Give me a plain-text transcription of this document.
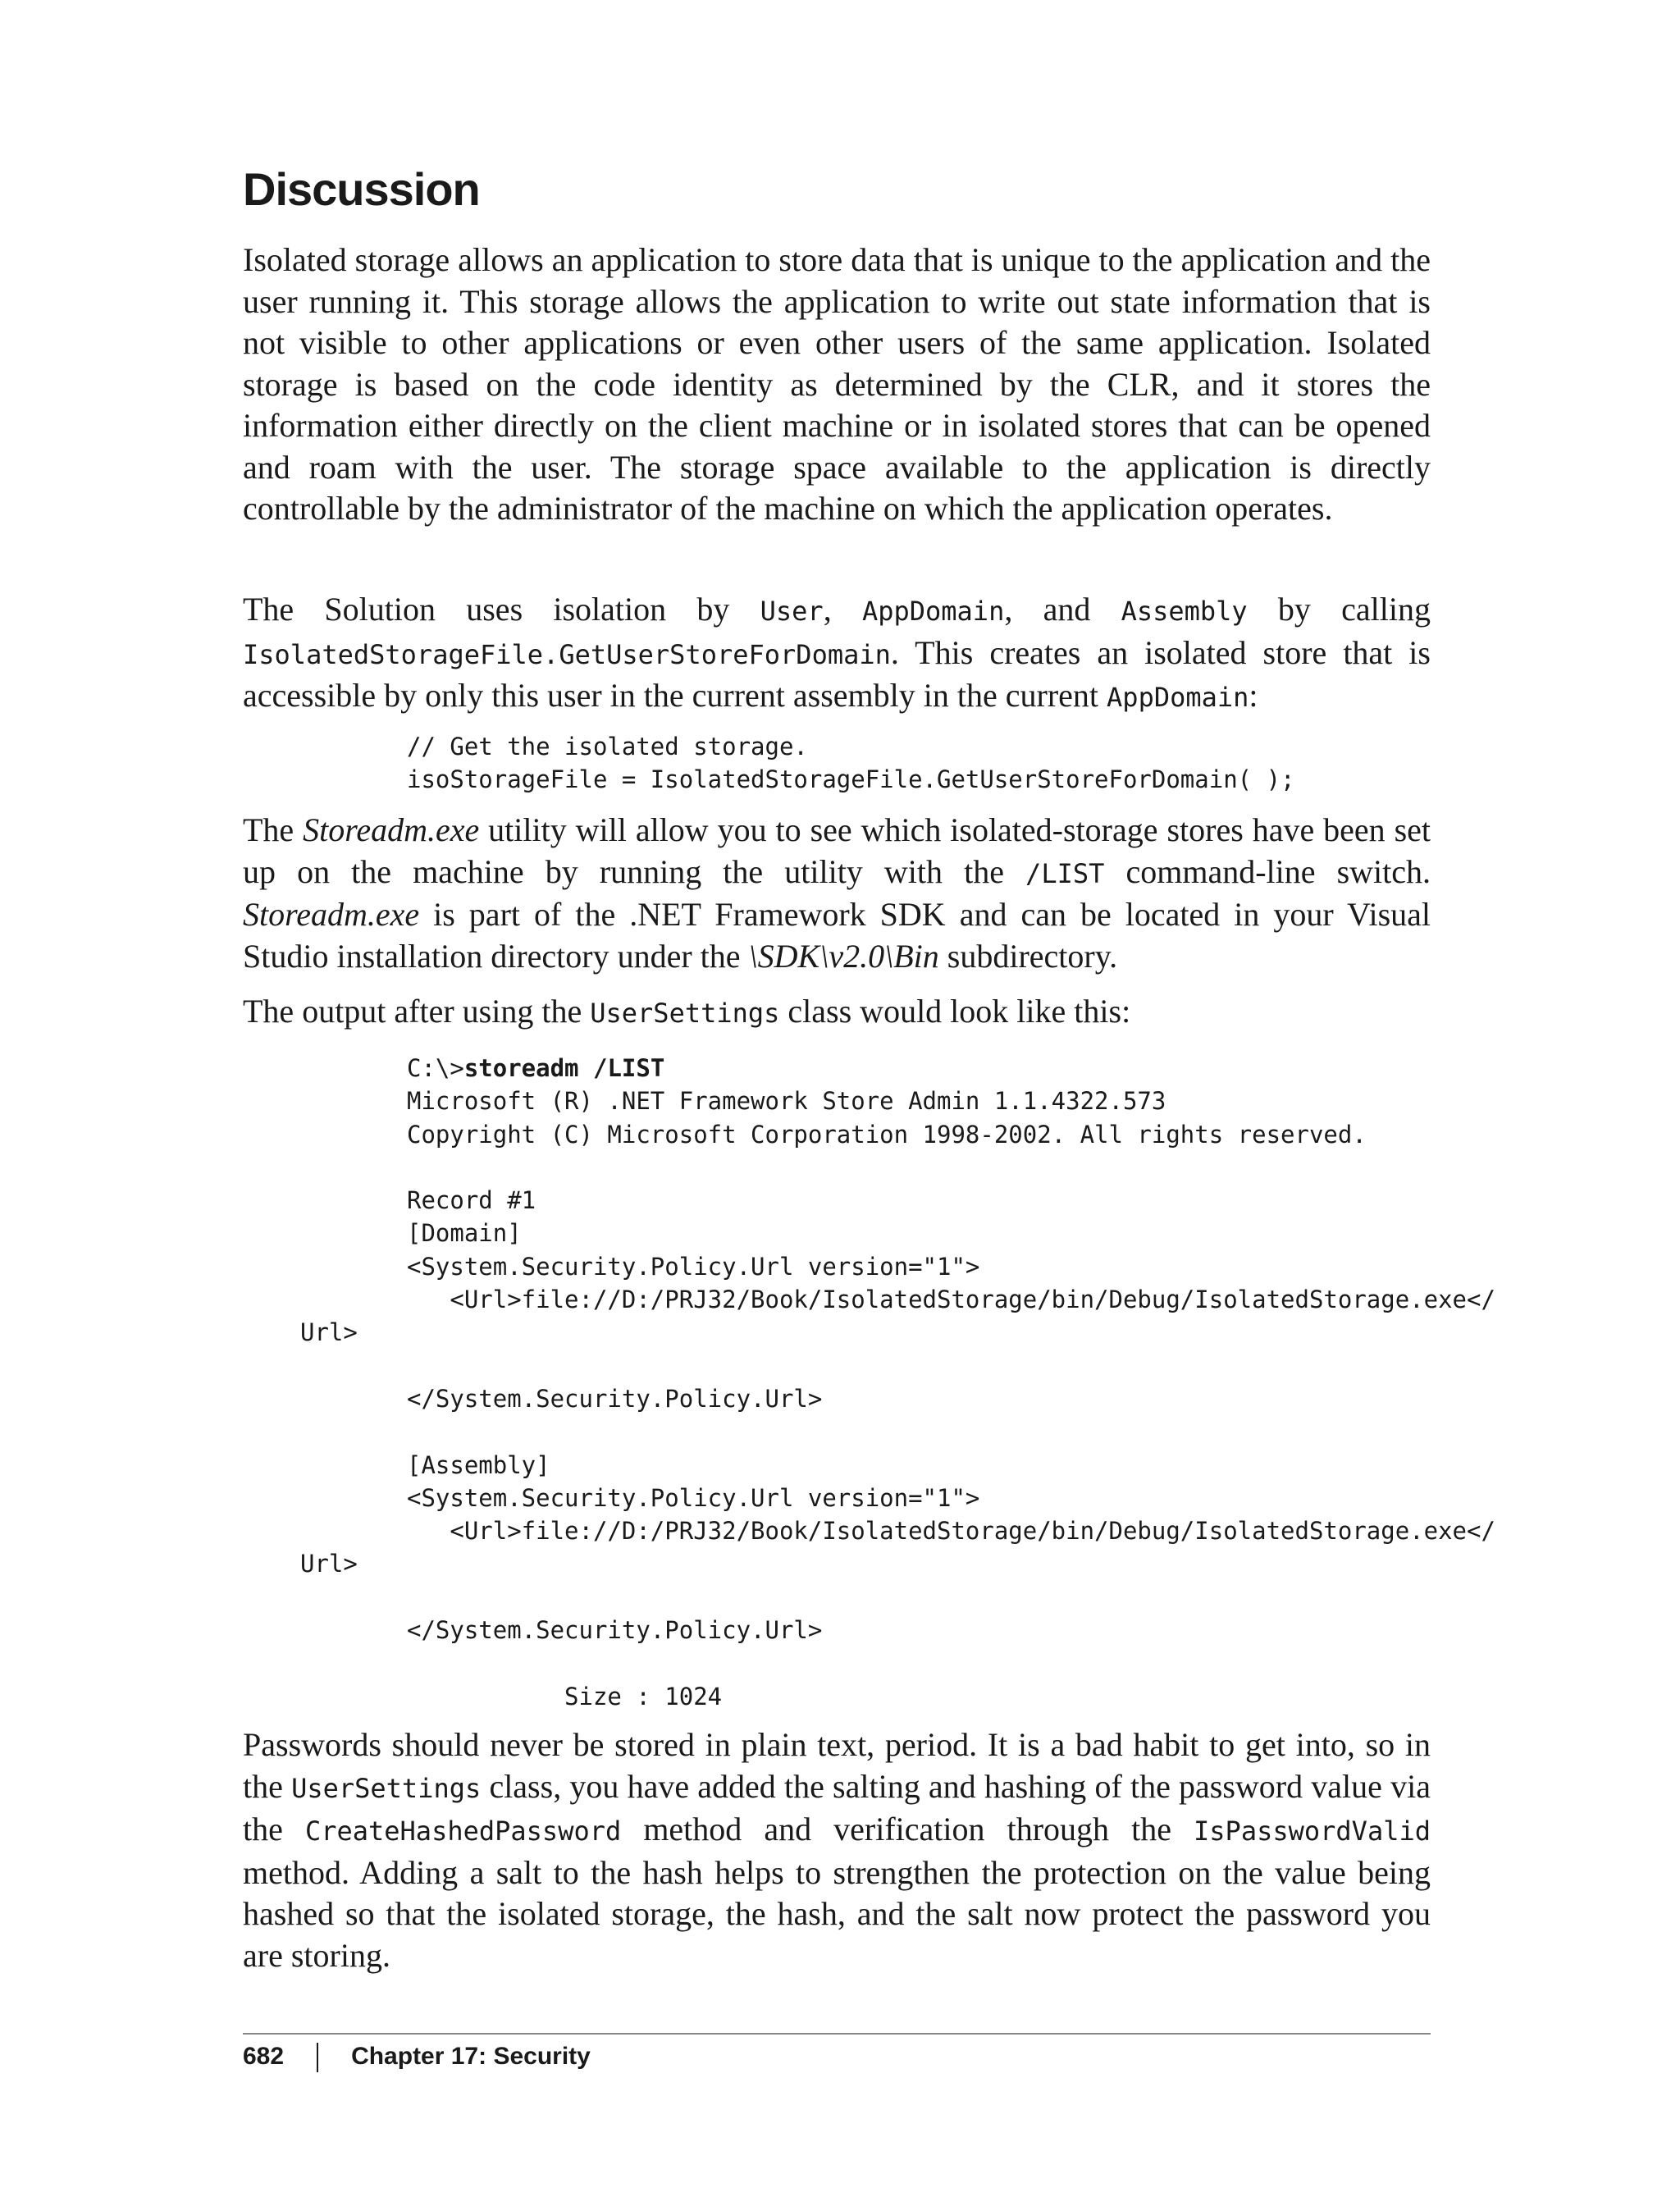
Discussion

Isolated storage allows an application to store data that is unique to the application and the user running it. This storage allows the application to write out state information that is not visible to other applications or even other users of the same application. Isolated storage is based on the code identity as determined by the CLR, and it stores the information either directly on the client machine or in isolated stores that can be opened and roam with the user. The storage space available to the application is directly controllable by the administrator of the machine on which the application operates.

The Solution uses isolation by User, AppDomain, and Assembly by calling IsolatedStorageFile.GetUserStoreForDomain. This creates an isolated store that is accessible by only this user in the current assembly in the current AppDomain:

// Get the isolated storage.
isoStorageFile = IsolatedStorageFile.GetUserStoreForDomain( );

The Storeadm.exe utility will allow you to see which isolated-storage stores have been set up on the machine by running the utility with the /LIST command-line switch. Storeadm.exe is part of the .NET Framework SDK and can be located in your Visual Studio installation directory under the \SDK\v2.0\Bin subdirectory.

The output after using the UserSettings class would look like this:

C:\>storeadm /LIST
Microsoft (R) .NET Framework Store Admin 1.1.4322.573
Copyright (C) Microsoft Corporation 1998-2002. All rights reserved.
Record #1
[Domain]
<System.Security.Policy.Url version="1">
<Url>file://D:/PRJ32/Book/IsolatedStorage/bin/Debug/IsolatedStorage.exe</
Url>
</System.Security.Policy.Url>
[Assembly]
<System.Security.Policy.Url version="1">
<Url>file://D:/PRJ32/Book/IsolatedStorage/bin/Debug/IsolatedStorage.exe</
Url>
</System.Security.Policy.Url>
Size : 1024

Passwords should never be stored in plain text, period. It is a bad habit to get into, so in the UserSettings class, you have added the salting and hashing of the password value via the CreateHashedPassword method and verification through the IsPasswordValid method. Adding a salt to the hash helps to strengthen the protection on the value being hashed so that the isolated storage, the hash, and the salt now protect the password you are storing.

682	Chapter 17: Security
